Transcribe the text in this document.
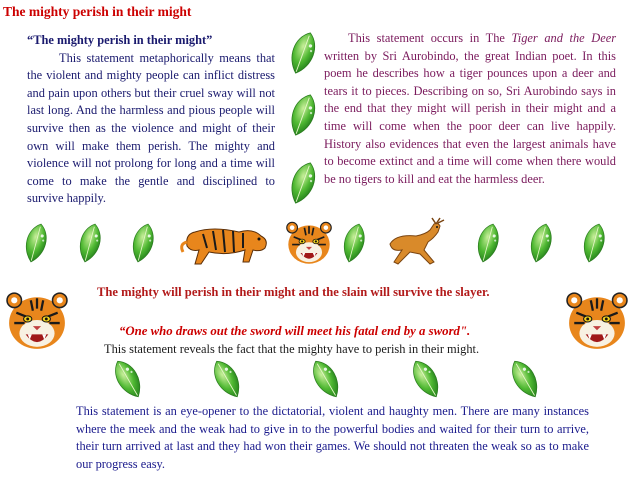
The mighty perish in their might
“The mighty perish in their might”
This statement metaphorically means that the violent and mighty people can inflict distress and pain upon others but their cruel sway will not last long. And the harmless and pious people will survive then as the violence and might of their own will make them perish. The mighty and violence will not prolong for long and a time will come to make the gentle and disciplined to survive happily.
This statement occurs in The Tiger and the Deer written by Sri Aurobindo, the great Indian poet. In this poem he describes how a tiger pounces upon a deer and tears it to pieces. Describing on so, Sri Aurobindo says in the end that they might will perish in their might and a time will come when the poor deer can live happily. History also evidences that even the largest animals have to become extinct and a time will come when there would be no tigers to kill and eat the harmless deer.
The mighty will perish in their might and the slain will survive the slayer.
“One who draws out the sword will meet his fatal end by a sword".
This statement reveals the fact that the mighty have to perish in their might.
This statement is an eye-opener to the dictatorial, violent and haughty men. There are many instances where the meek and the weak had to give in to the powerful bodies and waited for their turn to arrive, their turn arrived at last and they had won their games. We should not threaten the weak so as to make our progress easy.
